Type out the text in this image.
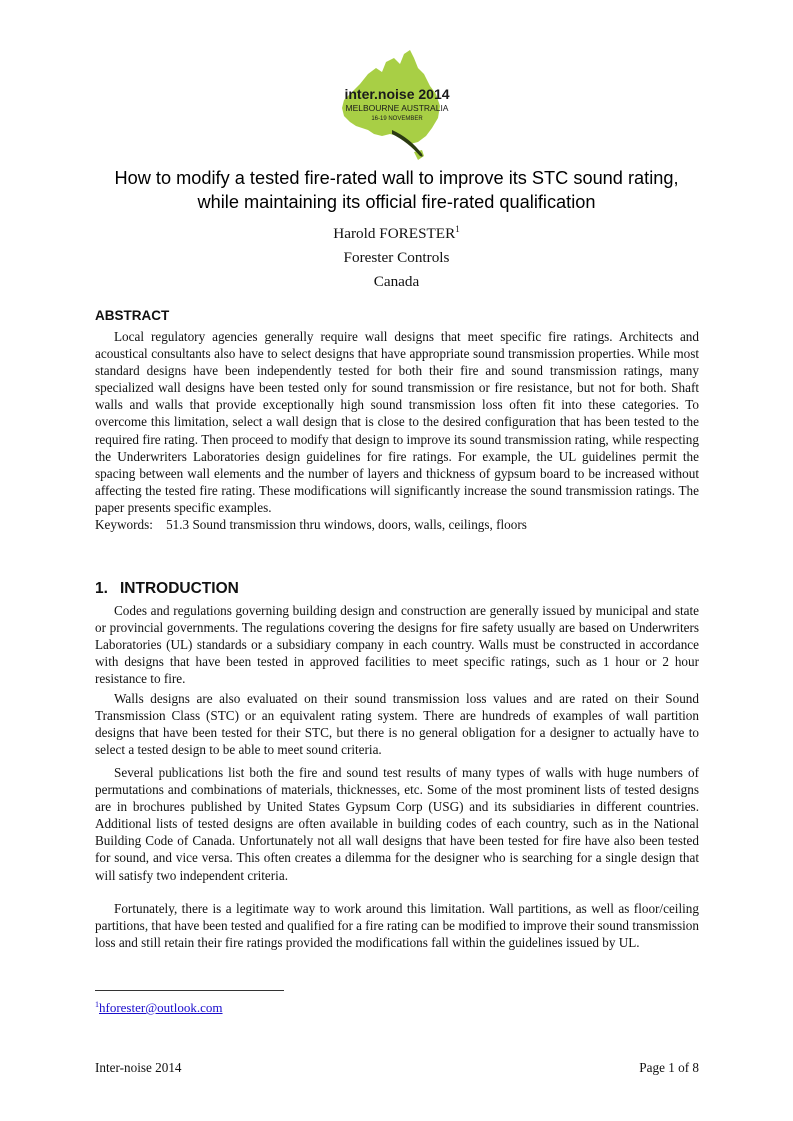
inter.noise 2014
MELBOURNE AUSTRALIA
16-19 NOVEMBER
How to modify a tested fire-rated wall to improve its STC sound rating,
while maintaining its official fire-rated qualification
Harold FORESTER$^1$
Forester Controls
Canada
ABSTRACT

Local regulatory agencies generally require wall designs that meet specific fire ratings. Architects and acoustical consultants also have to select designs that have appropriate sound transmission properties. While most standard designs have been independently tested for both their fire and sound transmission ratings, many specialized wall designs have been tested only for sound transmission or fire resistance, but not for both. Shaft walls and walls that provide exceptionally high sound transmission loss often fit into these categories. To overcome this limitation, select a wall design that is close to the desired configuration that has been tested to the required fire rating. Then proceed to modify that design to improve its sound transmission rating, while respecting the Underwriters Laboratories design guidelines for fire ratings. For example, the UL guidelines permit the spacing between wall elements and the number of layers and thickness of gypsum board to be increased without affecting the tested fire rating. These modifications will significantly increase the sound transmission ratings. The paper presents specific examples.

Keywords: 51.3 Sound transmission thru windows, doors, walls, ceilings, floors
1. INTRODUCTION

Codes and regulations governing building design and construction are generally issued by municipal and state or provincial governments. The regulations covering the designs for fire safety usually are based on Underwriters Laboratories (UL) standards or a subsidiary company in each country. Walls must be constructed in accordance with designs that have been tested in approved facilities to meet specific ratings, such as 1 hour or 2 hour resistance to fire.

Walls designs are also evaluated on their sound transmission loss values and are rated on their Sound Transmission Class (STC) or an equivalent rating system. There are hundreds of examples of wall partition designs that have been tested for their STC, but there is no general obligation for a designer to actually have to select a tested design to be able to meet sound criteria.

Several publications list both the fire and sound test results of many types of walls with huge numbers of permutations and combinations of materials, thicknesses, etc. Some of the most prominent lists of tested designs are in brochures published by United States Gypsum Corp (USG) and its subsidiaries in different countries. Additional lists of tested designs are often available in building codes of each country, such as in the National Building Code of Canada. Unfortunately not all wall designs that have been tested for fire have also been tested for sound, and vice versa. This often creates a dilemma for the designer who is searching for a single design that will satisfy two independent criteria.

Fortunately, there is a legitimate way to work around this limitation. Wall partitions, as well as floor/ceiling partitions, that have been tested and qualified for a fire rating can be modified to improve their sound transmission loss and still retain their fire ratings provided the modifications fall within the guidelines issued by UL.

$^1$hforester@outlook.com
Inter-noise 2014	Page 1 of 8
